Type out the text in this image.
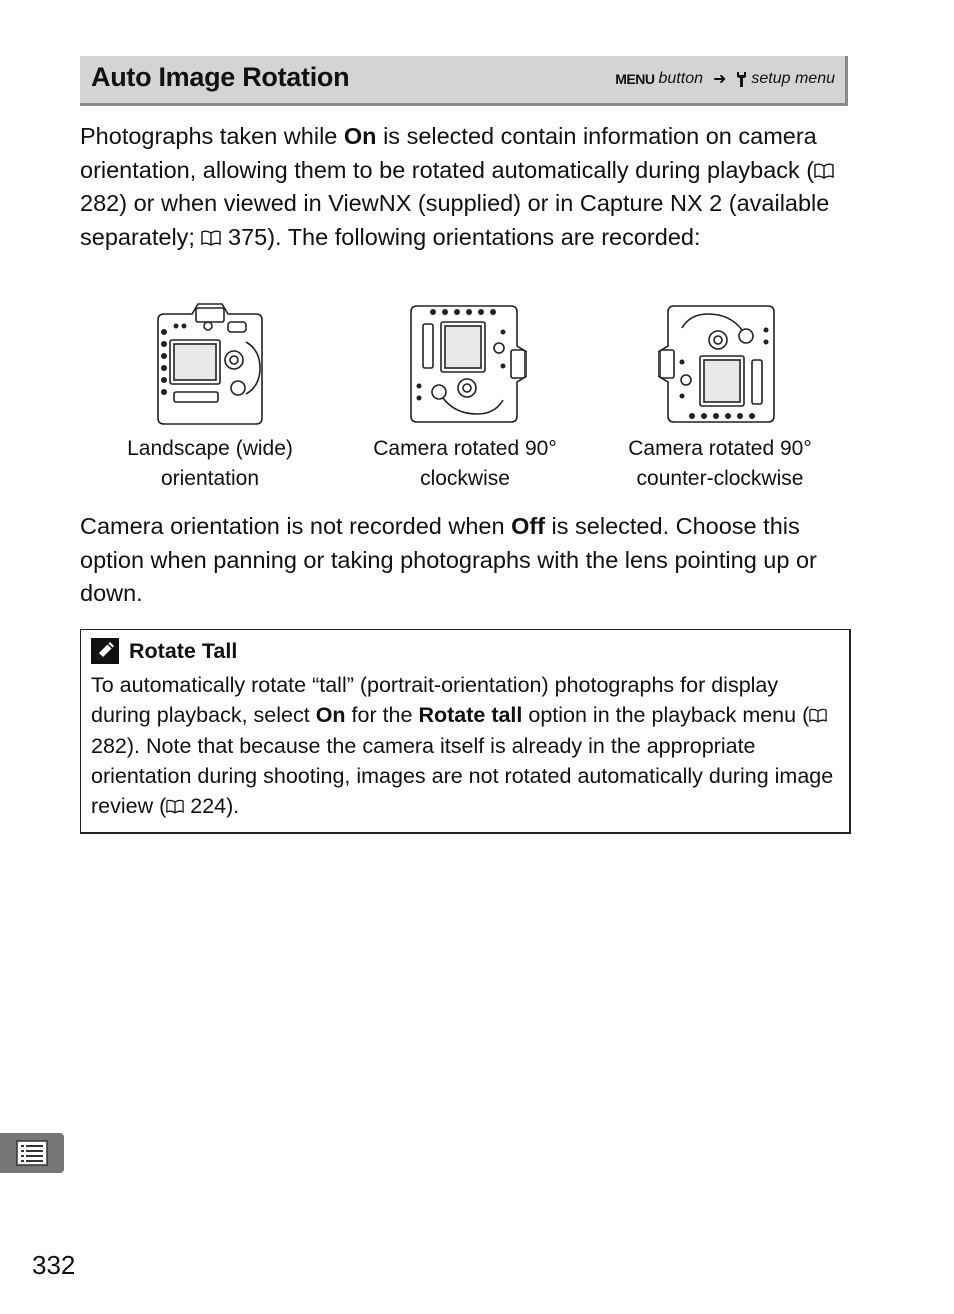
Auto Image Rotation	MENU button ➜ setup menu
Photographs taken while On is selected contain information on camera orientation, allowing them to be rotated automatically during playback ( 282) or when viewed in ViewNX (supplied) or in Capture NX 2 (available separately;  375). The following orientations are recorded:
Landscape (wide)
orientation
Camera rotated 90°
clockwise
Camera rotated 90°
counter-clockwise
Camera orientation is not recorded when Off is selected. Choose this option when panning or taking photographs with the lens pointing up or down.
Rotate Tall
To automatically rotate “tall” (portrait-orientation) photographs for display during playback, select On for the Rotate tall option in the playback menu ( 282). Note that because the camera itself is already in the appropriate orientation during shooting, images are not rotated automatically during image review ( 224).
332
